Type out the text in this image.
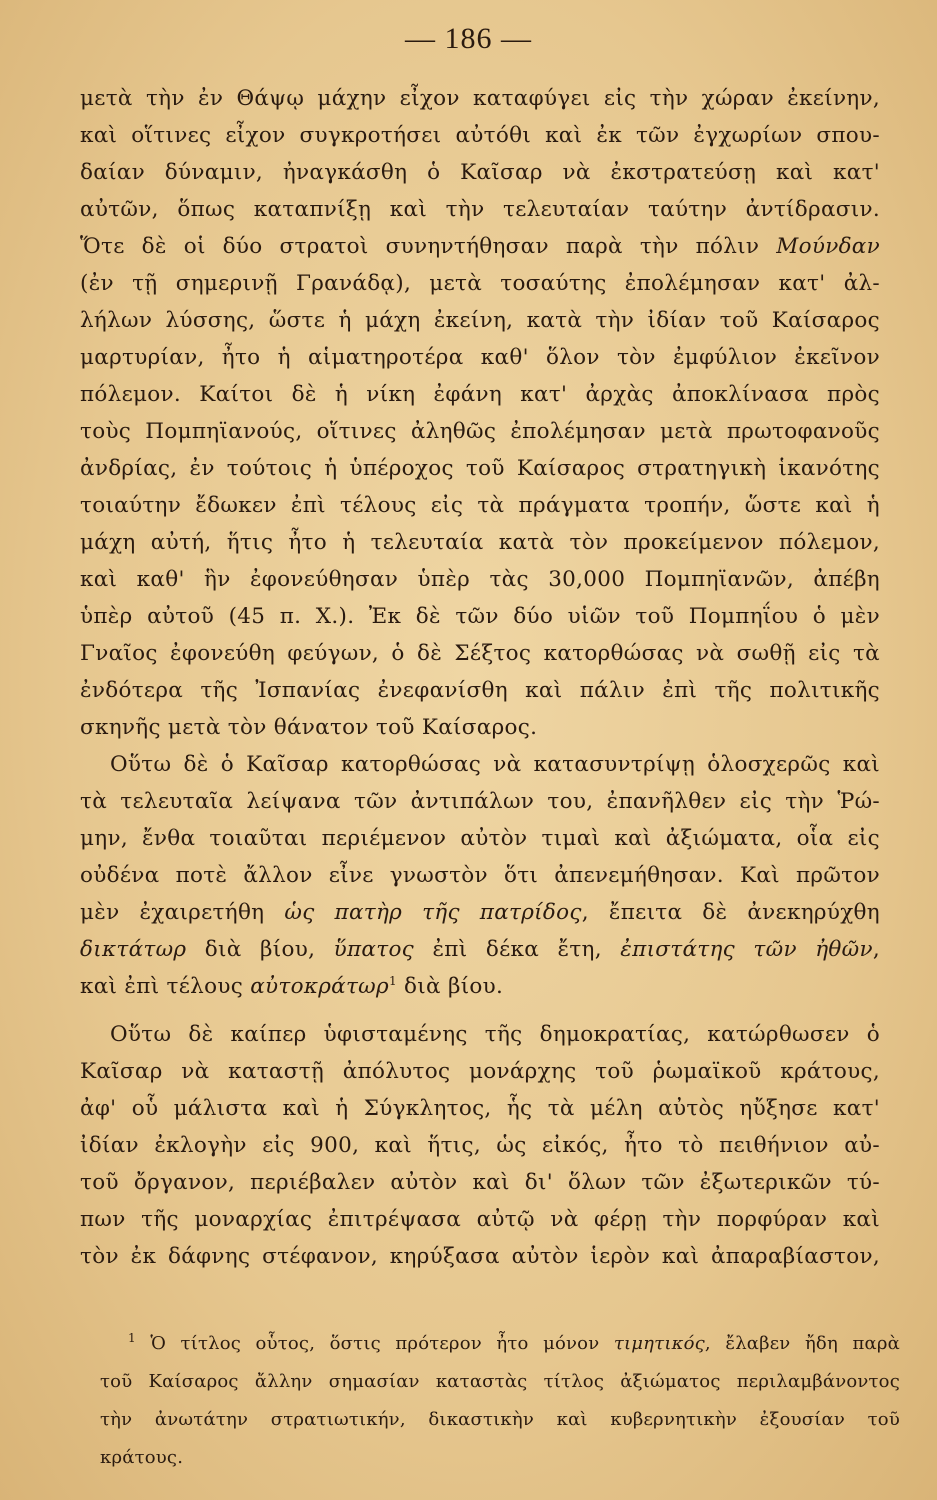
— 186 —
μετὰ τὴν ἐν Θάψῳ μάχην εἶχον καταφύγει εἰς τὴν χώραν ἐκείνην,
καὶ οἵτινες εἶχον συγκροτήσει αὐτόθι καὶ ἐκ τῶν ἐγχωρίων σπου-
δαίαν δύναμιν, ἠναγκάσθη ὁ Καῖσαρ νὰ ἐκστρατεύσῃ καὶ κατ'
αὐτῶν, ὅπως καταπνίξῃ καὶ τὴν τελευταίαν ταύτην ἀντίδρασιν.
Ὅτε δὲ οἱ δύο στρατοὶ συνηντήθησαν παρὰ τὴν πόλιν Μούνδαν
(ἐν τῇ σημερινῇ Γρανάδᾳ), μετὰ τοσαύτης ἐπολέμησαν κατ' ἀλ-
λήλων λύσσης, ὥστε ἡ μάχη ἐκείνη, κατὰ τὴν ἰδίαν τοῦ Καίσαρος
μαρτυρίαν, ἦτο ἡ αἱματηροτέρα καθ' ὅλον τὸν ἐμφύλιον ἐκεῖνον
πόλεμον. Καίτοι δὲ ἡ νίκη ἐφάνη κατ' ἀρχὰς ἀποκλίνασα πρὸς
τοὺς Πομπηϊανούς, οἵτινες ἀληθῶς ἐπολέμησαν μετὰ πρωτοφανοῦς
ἀνδρίας, ἐν τούτοις ἡ ὑπέροχος τοῦ Καίσαρος στρατηγικὴ ἱκανότης
τοιαύτην ἔδωκεν ἐπὶ τέλους εἰς τὰ πράγματα τροπήν, ὥστε καὶ ἡ
μάχη αὐτή, ἥτις ἦτο ἡ τελευταία κατὰ τὸν προκείμενον πόλεμον,
καὶ καθ' ἣν ἐφονεύθησαν ὑπὲρ τὰς 30,000 Πομπηϊανῶν, ἀπέβη
ὑπὲρ αὐτοῦ (45 π. Χ.). Ἐκ δὲ τῶν δύο υἱῶν τοῦ Πομπηΐου ὁ μὲν
Γναῖος ἐφονεύθη φεύγων, ὁ δὲ Σέξτος κατορθώσας νὰ σωθῇ εἰς τὰ
ἐνδότερα τῆς Ἰσπανίας ἐνεφανίσθη καὶ πάλιν ἐπὶ τῆς πολιτικῆς
σκηνῆς μετὰ τὸν θάνατον τοῦ Καίσαρος.
Οὕτω δὲ ὁ Καῖσαρ κατορθώσας νὰ κατασυντρίψῃ ὁλοσχερῶς καὶ
τὰ τελευταῖα λείψανα τῶν ἀντιπάλων του, ἐπανῆλθεν εἰς τὴν Ῥώ-
μην, ἔνθα τοιαῦται περιέμενον αὐτὸν τιμαὶ καὶ ἀξιώματα, οἷα εἰς
οὐδένα ποτὲ ἄλλον εἶνε γνωστὸν ὅτι ἀπενεμήθησαν. Καὶ πρῶτον
μὲν ἐχαιρετήθη ὡς πατὴρ τῆς πατρίδος, ἔπειτα δὲ ἀνεκηρύχθη
δικτάτωρ διὰ βίου, ὕπατος ἐπὶ δέκα ἔτη, ἐπιστάτης τῶν ἠθῶν,
καὶ ἐπὶ τέλους αὐτοκράτωρ$^1$ διὰ βίου.
Οὕτω δὲ καίπερ ὑφισταμένης τῆς δημοκρατίας, κατώρθωσεν ὁ
Καῖσαρ νὰ καταστῇ ἀπόλυτος μονάρχης τοῦ ῥωμαϊκοῦ κράτους,
ἀφ' οὗ μάλιστα καὶ ἡ Σύγκλητος, ἧς τὰ μέλη αὐτὸς ηὔξησε κατ'
ἰδίαν ἐκλογὴν εἰς 900, καὶ ἥτις, ὡς εἰκός, ἦτο τὸ πειθήνιον αὐ-
τοῦ ὄργανον, περιέβαλεν αὐτὸν καὶ δι' ὅλων τῶν ἐξωτερικῶν τύ-
πων τῆς μοναρχίας ἐπιτρέψασα αὐτῷ νὰ φέρῃ τὴν πορφύραν καὶ
τὸν ἐκ δάφνης στέφανον, κηρύξασα αὐτὸν ἱερὸν καὶ ἀπαραβίαστον,
$^1$ Ὁ τίτλος οὗτος, ὅστις πρότερον ἦτο μόνον τιμητικός, ἔλαβεν ἤδη παρὰ
τοῦ Καίσαρος ἄλλην σημασίαν καταστὰς τίτλος ἀξιώματος περιλαμβάνοντος
τὴν ἀνωτάτην στρατιωτικήν, δικαστικὴν καὶ κυβερνητικὴν ἐξουσίαν τοῦ
κράτους.
